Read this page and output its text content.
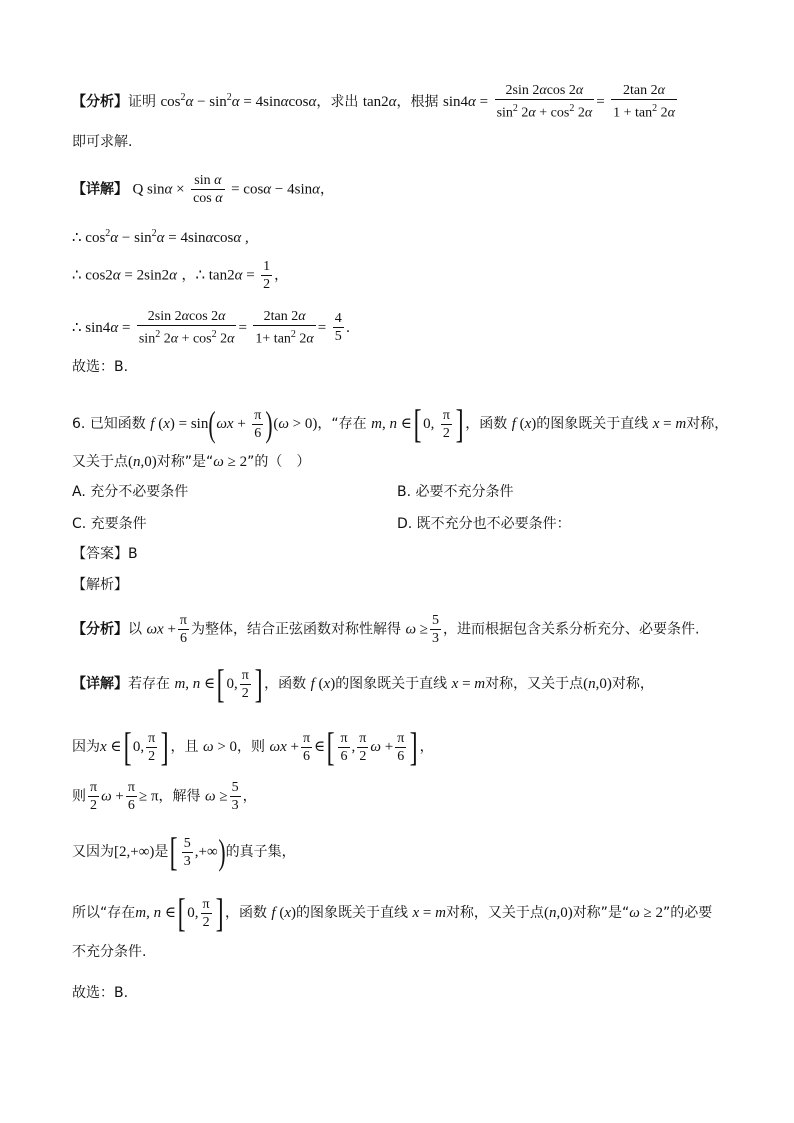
【分析】证明 $\cos^2\alpha - \sin^2\alpha = 4\sin\alpha\cos\alpha$，求出 tan2α，根据 $\sin 4\alpha = \frac{2\sin 2\alpha\cos 2\alpha}{\sin^2 2\alpha + \cos^2 2\alpha} = \frac{2\tan 2\alpha}{1 + \tan^2 2\alpha}$
即可求解.
【详解】 Q $\sin\alpha \times \frac{\text{sin α}}{\text{cos α}} = \cos\alpha - 4\sin\alpha$，
∴ $\cos^2\alpha - \sin^2\alpha = 4\sin\alpha\cos\alpha$ ,
∴ cos2α = 2sin2α ，∴ $\tan 2\alpha = \frac{1}{2}$ ，
∴ $\sin 4\alpha = \frac{2\sin 2\alpha\cos 2\alpha}{\sin^2 2\alpha + \cos^2 2\alpha} = \frac{2\tan 2\alpha}{1+ \tan^2 2\alpha} = \frac{4}{5}$ .
故选：B.
6. 已知函数 f $(x) = \sin(\omega x + \frac{\pi}{6} )(\omega > 0)$，“存在 m, n ∈[ 0, $\frac{\pi}{2}$ ] ，函数 f (x)的图象既关于直线 x = m对称，
又关于点(n,0)对称”是“ω ≥ 2”的（　）
A. 充分不必要条件	B. 必要不充分条件
C. 充要条件	D. 既不充分也不必要条件：
【答案】B
【解析】
【分析】以 $\omega x + \frac{\pi}{6}$ 为整体，结合正弦函数对称性解得 $\omega \ge \frac{5}{3}$ ，进而根据包含关系分析充分、必要条件.
【详解】若存在 m, n ∈[ 0, $\frac{\pi}{2}$ ] ，函数 f (x)的图象既关于直线 x = m对称，又关于点(n,0)对称，
因为x ∈[ 0, $\frac{\pi}{2}$ ] ，且 ω > 0，则 $\omega x + \frac{\pi}{6}$ ∈[ $\frac{\pi}{6}$ , $\frac{\pi}{2}$ $\omega + \frac{\pi}{6}$ ] ，
则 $\frac{\pi}{2}$ $\omega + \frac{\pi}{6} \ge \pi$，解得 $\omega \ge \frac{5}{3}$ ，
又因为[2,+∞)是[ $\frac{5}{3}$ ,+∞)的真子集，
所以“存在m, n ∈[ 0, $\frac{\pi}{2}$ ] ，函数 f (x)的图象既关于直线 x = m对称，又关于点(n,0)对称”是“ω ≥ 2”的必要
不充分条件.
故选：B.
